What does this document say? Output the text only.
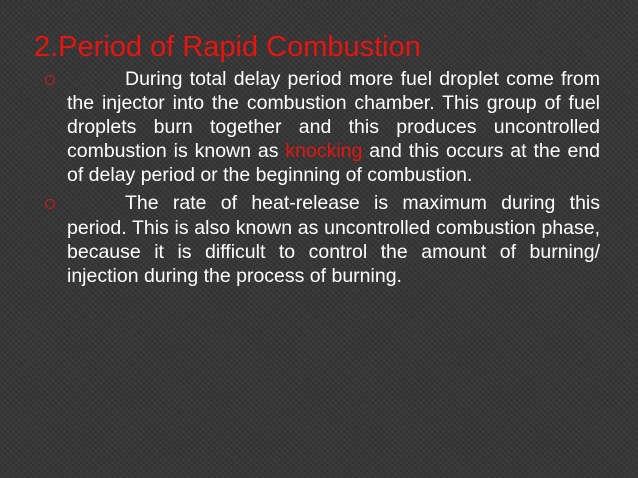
2.Period of Rapid Combustion
During total delay period more fuel droplet come from the injector into the combustion chamber. This group of fuel droplets burn together and this produces uncontrolled combustion is known as knocking and this occurs at the end of delay period or the beginning of combustion.
The rate of heat-release is maximum during this period. This is also known as uncontrolled combustion phase, because it is difficult to control the amount of burning/ injection during the process of burning.
